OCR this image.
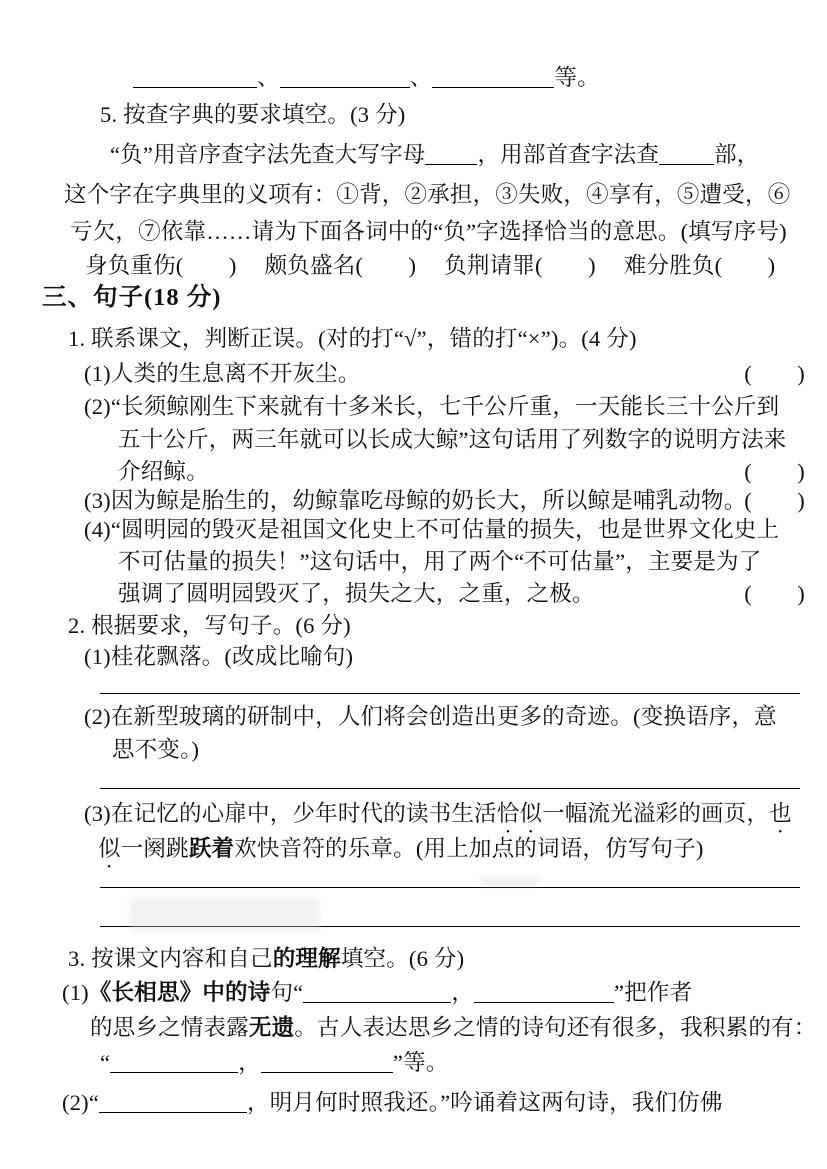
、	、	等。
5. 按查字典的要求填空。(3 分)
“负”用音序查字法先查大写字母 ，用部首查字法查 部，
这个字在字典里的义项有：①背，②承担，③失败，④享有，⑤遭受，⑥
亏欠，⑦依靠……请为下面各词中的“负”字选择恰当的意思。(填写序号)
身负重伤(　　) 颇负盛名(　　) 负荆请罪(　　) 难分胜负(　　)
三、句子(18 分)
1. 联系课文，判断正误。(对的打“√”，错的打“×”)。(4 分)
(1)人类的生息离不开灰尘。	(　　)
(2)“长须鲸刚生下来就有十多米长，七千公斤重，一天能长三十公斤到
五十公斤，两三年就可以长成大鲸”这句话用了列数字的说明方法来
介绍鲸。	(　　)
(3)因为鲸是胎生的，幼鲸靠吃母鲸的奶长大，所以鲸是哺乳动物。
(　　)
(4)“圆明园的毁灭是祖国文化史上不可估量的损失，也是世界文化史上
不可估量的损失！”这句话中，用了两个“不可估量”，主要是为了
强调了圆明园毁灭了，损失之大，之重，之极。	(　　)
2. 根据要求，写句子。(6 分)
(1)桂花飘落。(改成比喻句)
(2)在新型玻璃的研制中，人们将会创造出更多的奇迹。(变换语序，意
思不变。)
(3)在记忆的心扉中，少年时代的读书生活恰似一幅流光溢彩的画页，也
似一阕跳跃着欢快音符的乐章。(用上加点的词语，仿写句子)
3. 按课文内容和自己的理解填空。(6 分)
(1)《长相思》中的诗句“	，	”把作者
的思乡之情表露无遗。古人表达思乡之情的诗句还有很多，我积累的有：
“	，	”等。
(2)“	，明月何时照我还。”吟诵着这两句诗，我们仿佛
